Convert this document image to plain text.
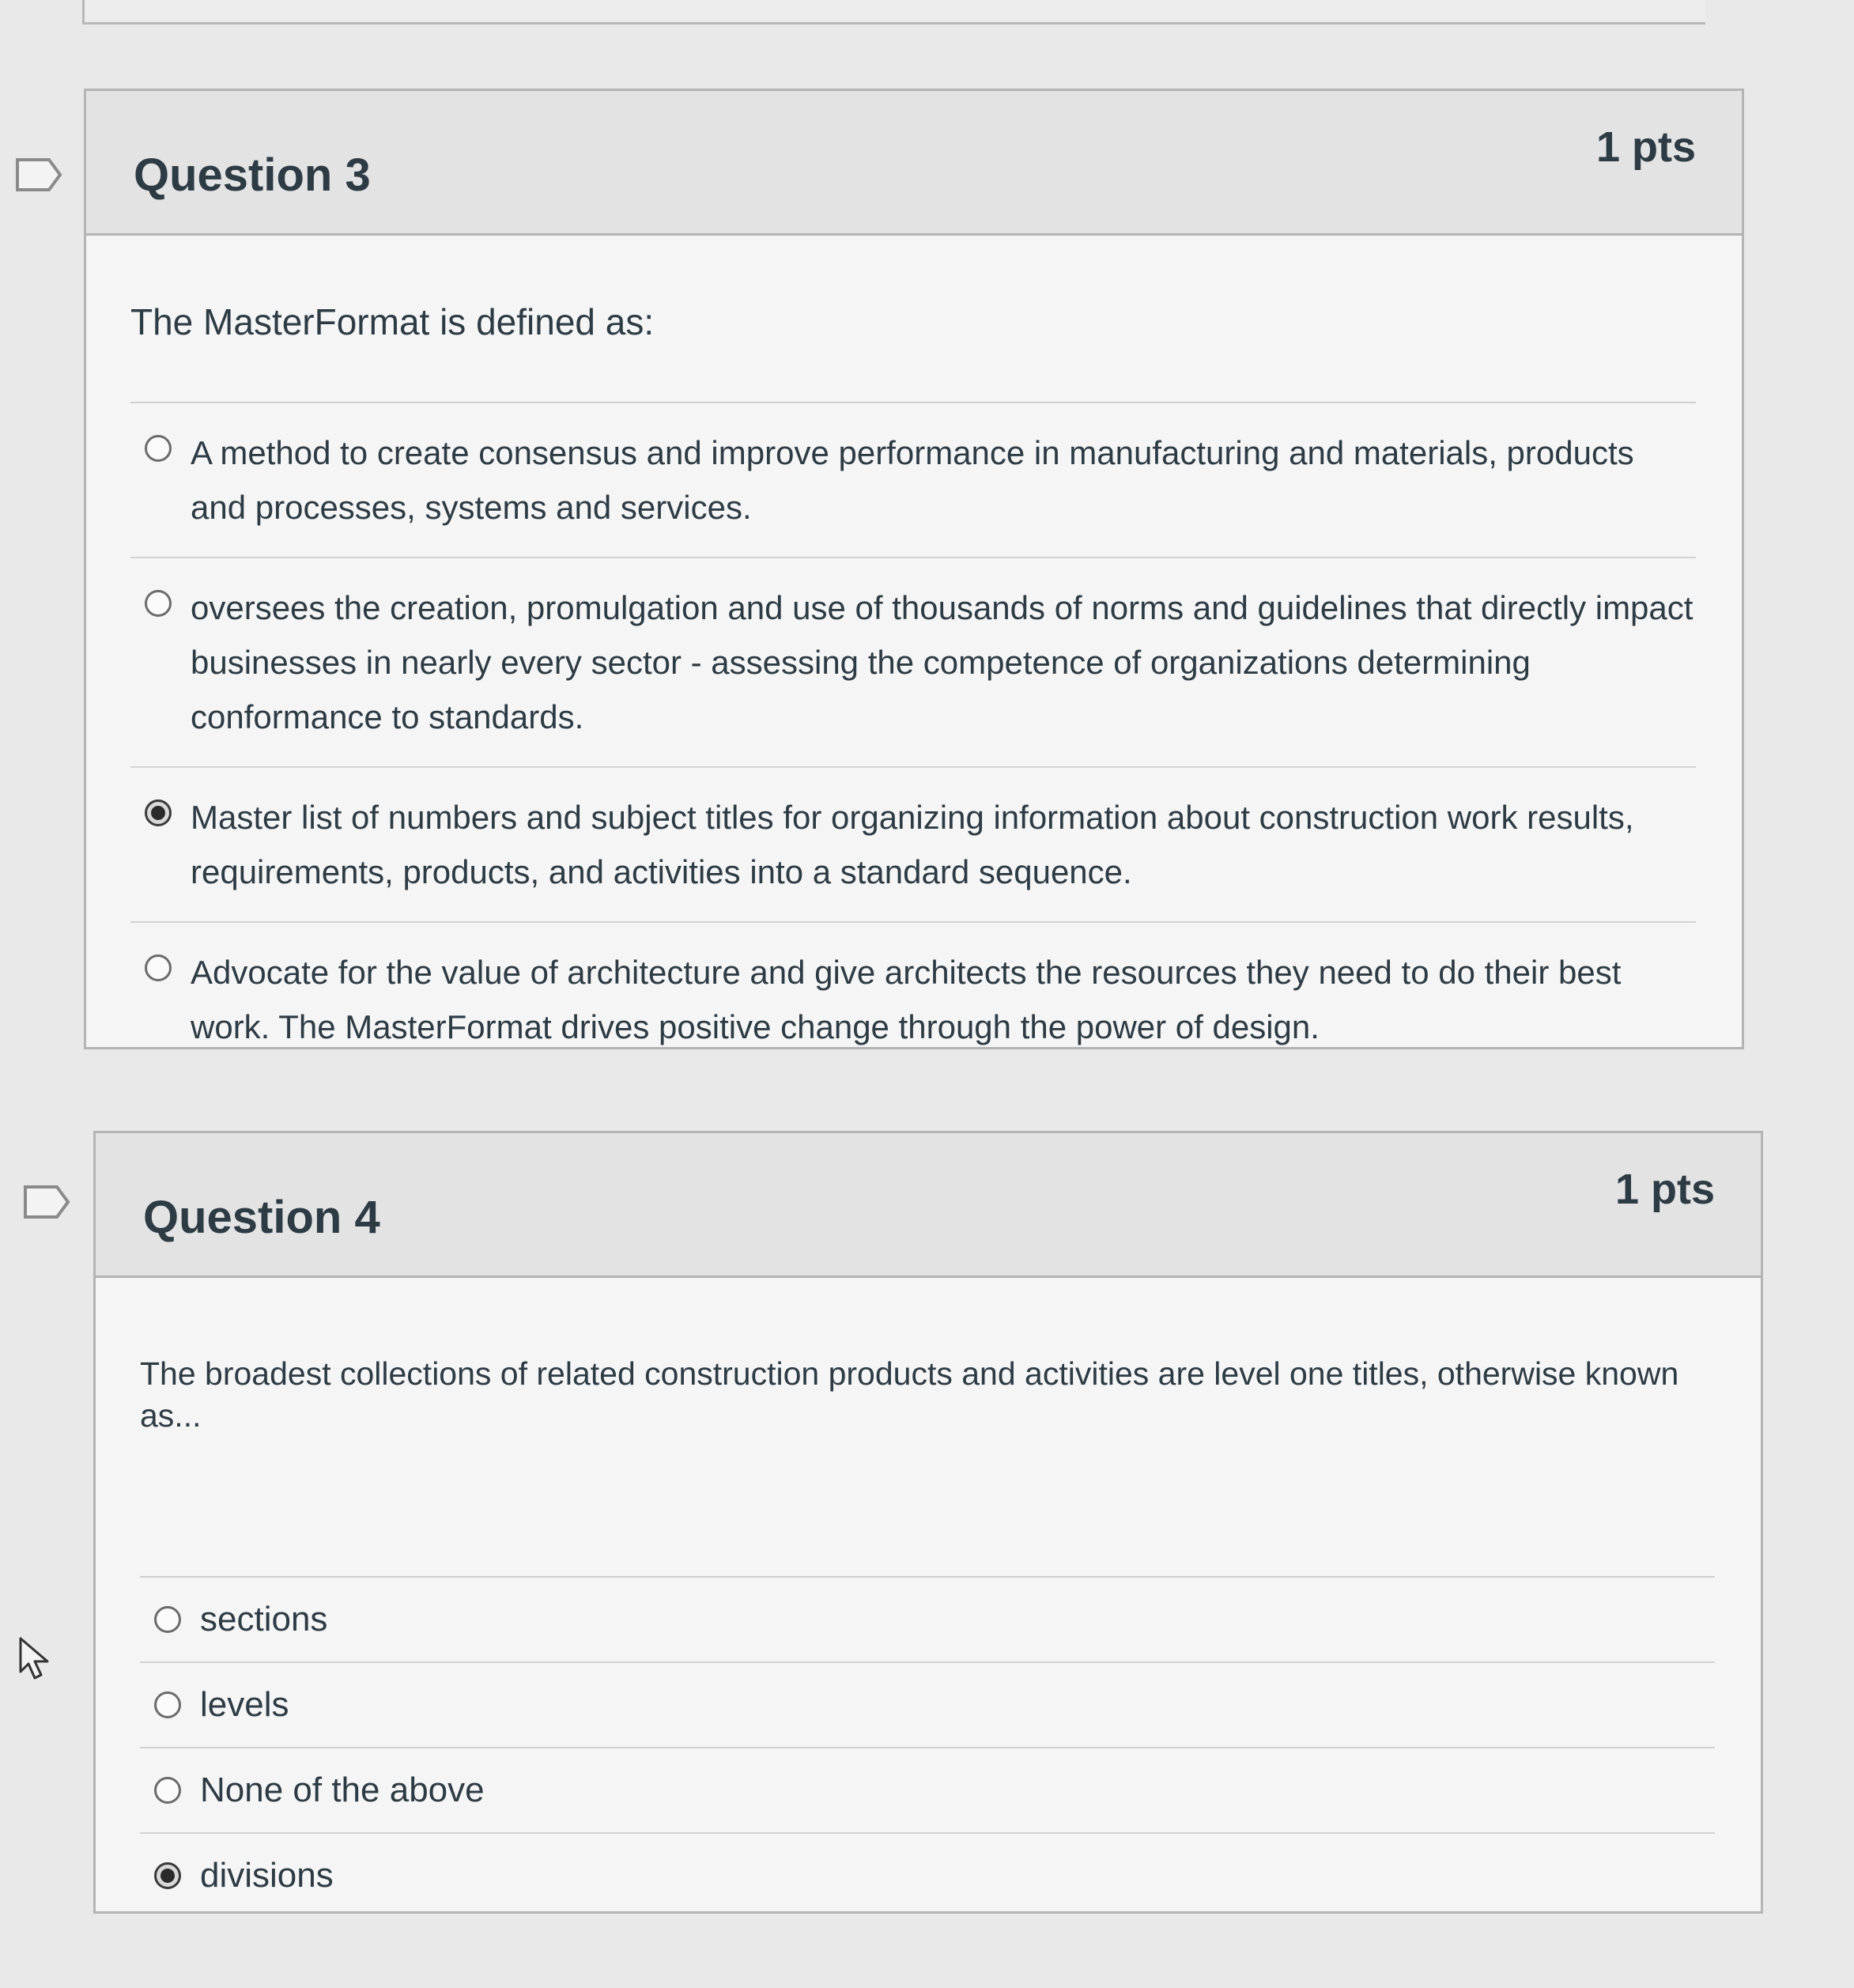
Question 3
1 pts
The MasterFormat is defined as:
A method to create consensus and improve performance in manufacturing and materials, products and processes, systems and services.
oversees the creation, promulgation and use of thousands of norms and guidelines that directly impact businesses in nearly every sector - assessing the competence of organizations determining conformance to standards.
Master list of numbers and subject titles for organizing information about construction work results, requirements, products, and activities into a standard sequence.
Advocate for the value of architecture and give architects the resources they need to do their best work. The MasterFormat drives positive change through the power of design.
Question 4
1 pts
The broadest collections of related construction products and activities are level one titles, otherwise known as...
sections
levels
None of the above
divisions
